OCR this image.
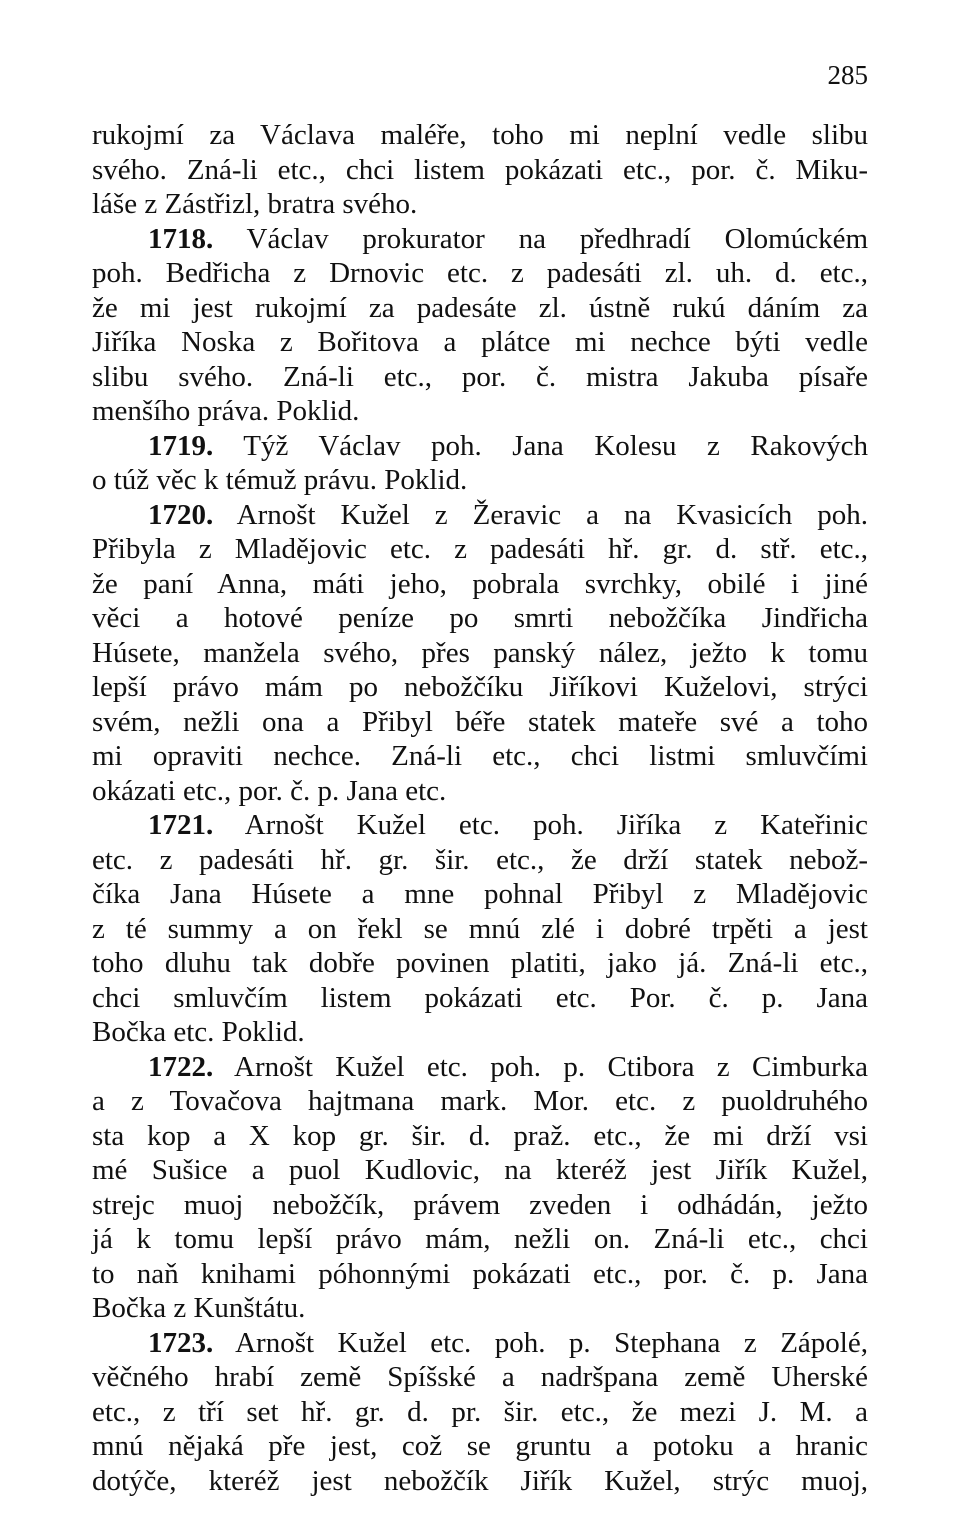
285
rukojmí za Václava maléře, toho mi neplní vedle slibu
svého. Zná-li etc., chci listem pokázati etc., por. č. Miku-
láše z Zástřizl, bratra svého.
1718. Václav prokurator na předhradí Olomúckém
poh. Bedřicha z Drnovic etc. z padesáti zl. uh. d. etc.,
že mi jest rukojmí za padesáte zl. ústně rukú dáním za
Jiříka Noska z Bořitova a plátce mi nechce býti vedle
slibu svého. Zná-li etc., por. č. mistra Jakuba písaře
menšího práva. Poklid.
1719. Týž Václav poh. Jana Kolesu z Rakových
o túž věc k témuž právu. Poklid.
1720. Arnošt Kužel z Žeravic a na Kvasicích poh.
Přibyla z Mladějovic etc. z padesáti hř. gr. d. stř. etc.,
že paní Anna, máti jeho, pobrala svrchky, obilé i jiné
věci a hotové peníze po smrti nebožčíka Jindřicha
Húsete, manžela svého, přes panský nález, ježto k tomu
lepší právo mám po nebožčíku Jiříkovi Kuželovi, strýci
svém, nežli ona a Přibyl béře statek mateře své a toho
mi opraviti nechce. Zná-li etc., chci listmi smluvčími
okázati etc., por. č. p. Jana etc.
1721. Arnošt Kužel etc. poh. Jiříka z Kateřinic
etc. z padesáti hř. gr. šir. etc., že drží statek nebož-
číka Jana Húsete a mne pohnal Přibyl z Mladějovic
z té summy a on řekl se mnú zlé i dobré trpěti a jest
toho dluhu tak dobře povinen platiti, jako já. Zná-li etc.,
chci smluvčím listem pokázati etc. Por. č. p. Jana
Bočka etc. Poklid.
1722. Arnošt Kužel etc. poh. p. Ctibora z Cimburka
a z Tovačova hajtmana mark. Mor. etc. z puoldruhého
sta kop a X kop gr. šir. d. praž. etc., že mi drží vsi
mé Sušice a puol Kudlovic, na kteréž jest Jiřík Kužel,
strejc muoj nebožčík, právem zveden i odhádán, ježto
já k tomu lepší právo mám, nežli on. Zná-li etc., chci
to naň knihami póhonnými pokázati etc., por. č. p. Jana
Bočka z Kunštátu.
1723. Arnošt Kužel etc. poh. p. Stephana z Zápolé,
věčného hrabí země Spíšské a nadršpana země Uherské
etc., z tří set hř. gr. d. pr. šir. etc., že mezi J. M. a
mnú nějaká pře jest, což se gruntu a potoku a hranic
dotýče, kteréž jest nebožčík Jiřík Kužel, strýc muoj,
